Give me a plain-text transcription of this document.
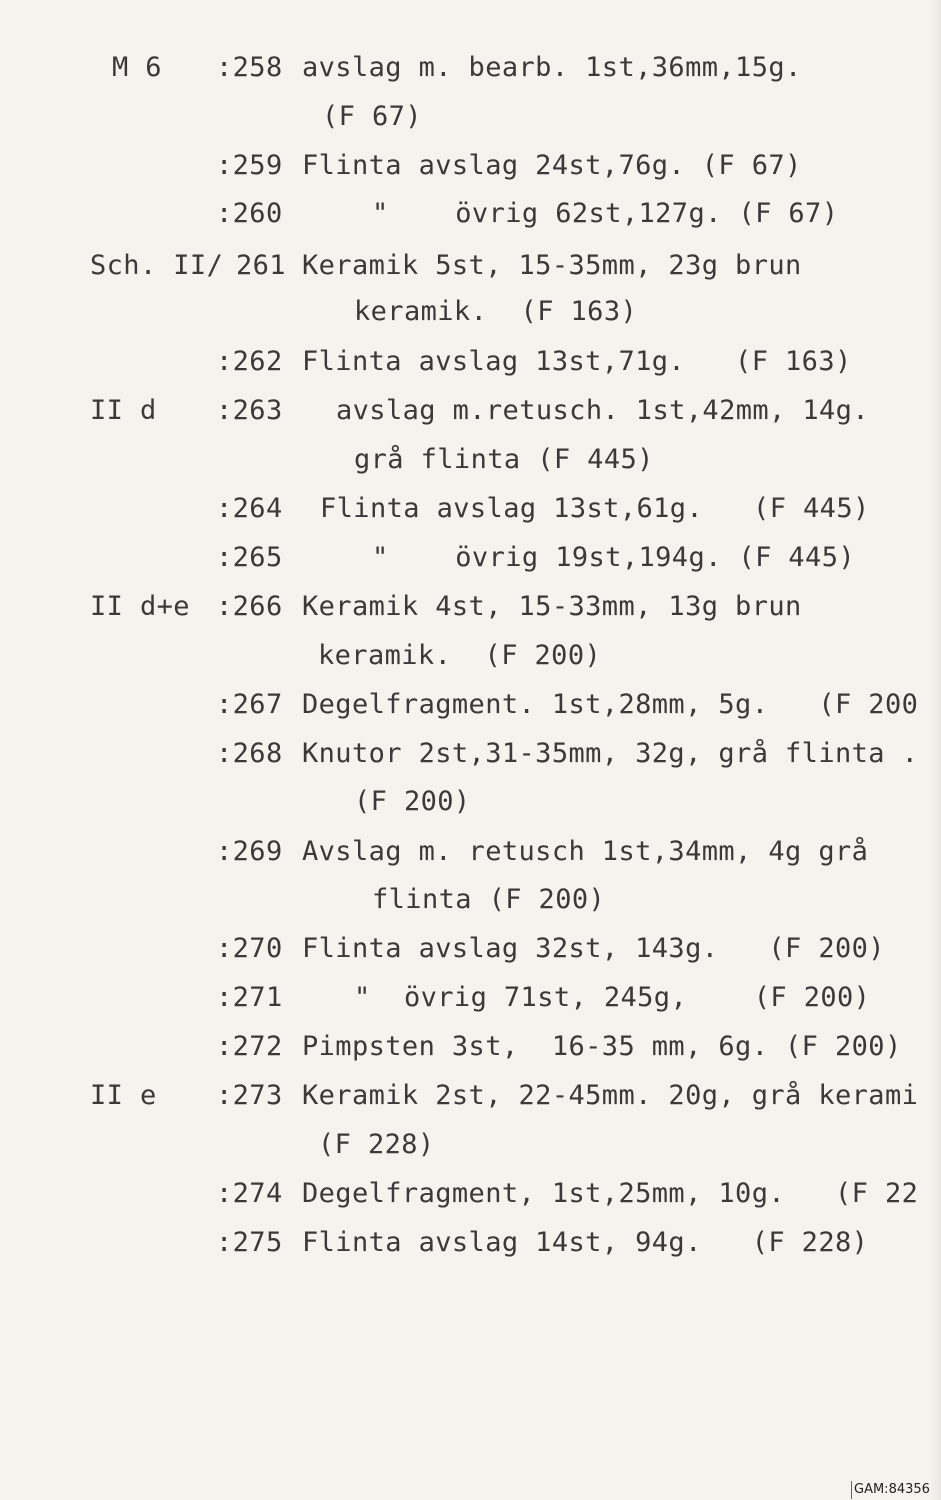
M 6 :258 avslag m. bearb. 1st,36mm,15g.
(F 67)
:259 Flinta avslag 24st,76g. (F 67)
:260	"    övrig 62st,127g. (F 67)
Sch. II/ 261 Keramik 5st, 15-35mm, 23g brun
keramik.  (F 163)
:262 Flinta avslag 13st,71g.   (F 163)
II d :263 avslag m.retusch. 1st,42mm, 14g.
grå flinta (F 445)
:264 Flinta avslag 13st,61g.   (F 445)
:265	"    övrig 19st,194g. (F 445)
II d+e :266 Keramik 4st, 15-33mm, 13g brun
keramik.  (F 200)
:267 Degelfragment. 1st,28mm, 5g.   (F 200
:268 Knutor 2st,31-35mm, 32g, grå flinta .
(F 200)
:269 Avslag m. retusch 1st,34mm, 4g grå
flinta (F 200)
:270 Flinta avslag 32st, 143g.   (F 200)
:271	"  övrig 71st, 245g,    (F 200)
:272 Pimpsten 3st,  16-35 mm, 6g. (F 200)
II e :273 Keramik 2st, 22-45mm. 20g, grå kerami
(F 228)
:274 Degelfragment, 1st,25mm, 10g.   (F 22
:275 Flinta avslag 14st, 94g.   (F 228)
GAM:84356
